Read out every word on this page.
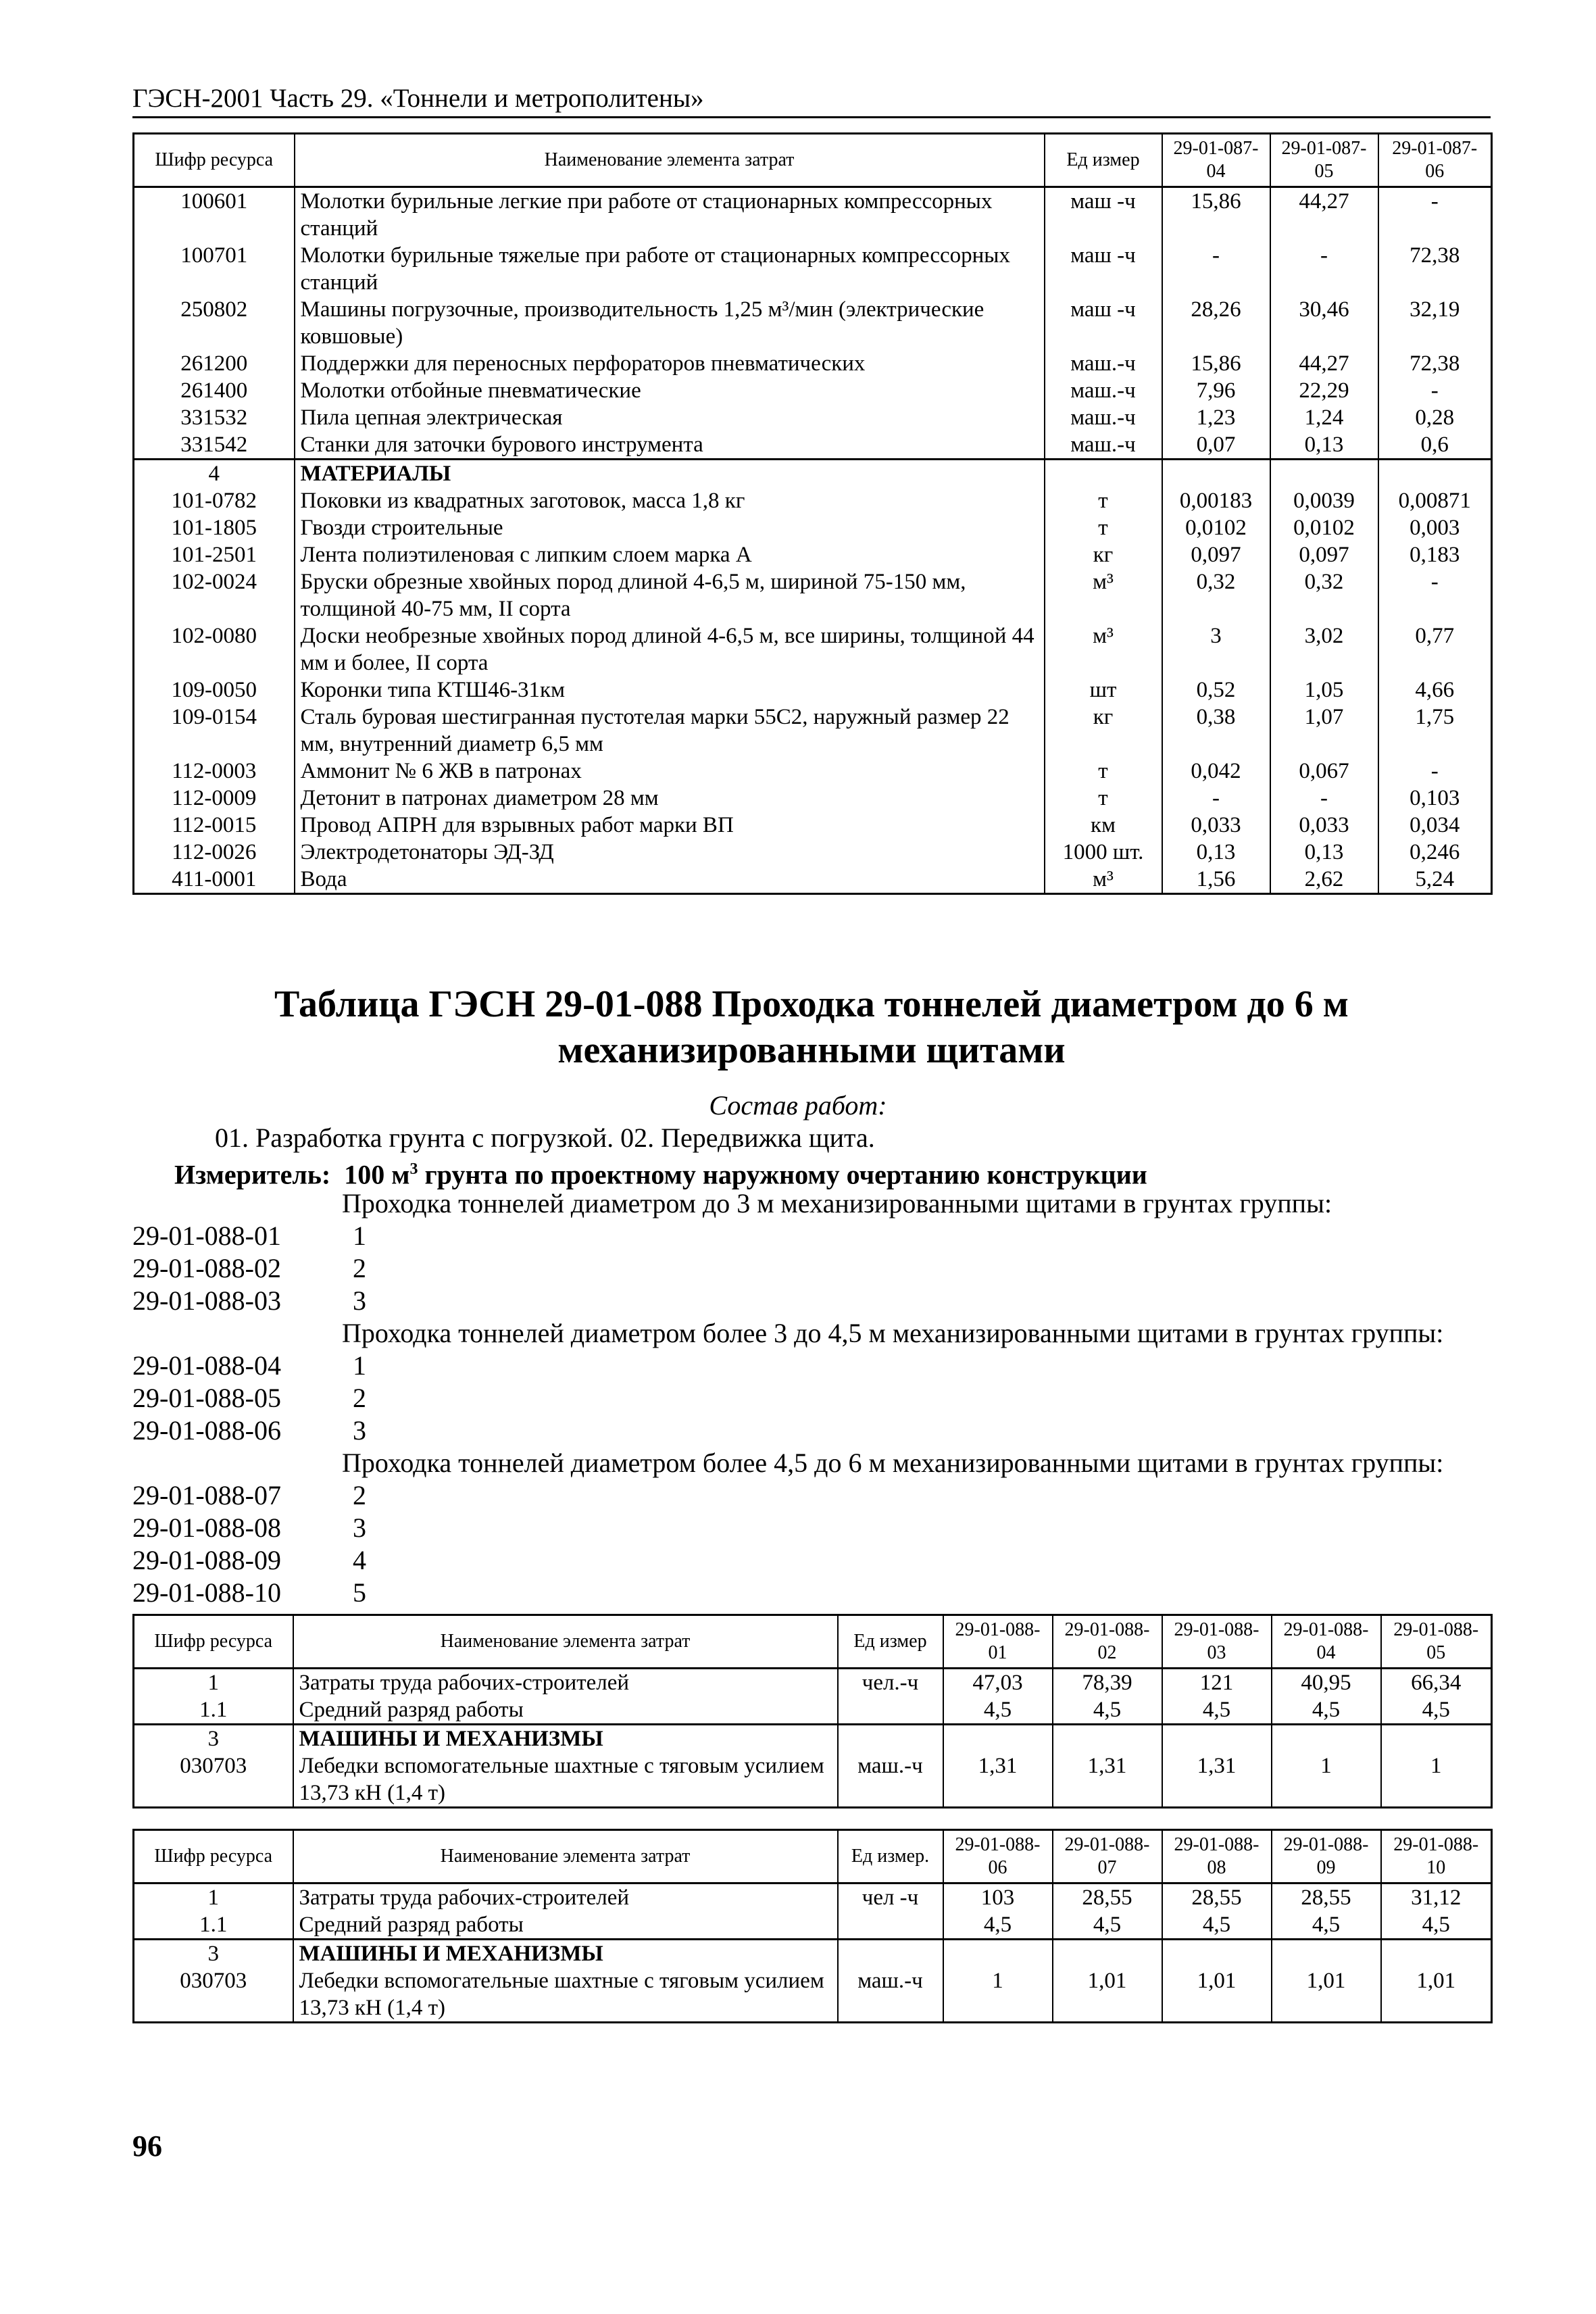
ГЭСН-2001 Часть 29. «Тоннели и метрополитены»
Шифр ресурса	Наименование элемента затрат	Ед измер	29-01-087-04	29-01-087-05	29-01-087-06
100601	Молотки бурильные легкие при работе от стационарных компрессорных станций	маш -ч	15,86	44,27	-
100701	Молотки бурильные тяжелые при работе от стационарных компрессорных станций	маш -ч	-	-	72,38
250802	Машины погрузочные, производительность 1,25 м³/мин (электрические ковшовые)	маш -ч	28,26	30,46	32,19
261200	Поддержки для переносных перфораторов пневматических	маш.-ч	15,86	44,27	72,38
261400	Молотки отбойные пневматические	маш.-ч	7,96	22,29	-
331532	Пила цепная электрическая	маш.-ч	1,23	1,24	0,28
331542	Станки для заточки бурового инструмента	маш.-ч	0,07	0,13	0,6
4	МАТЕРИАЛЫ				
101-0782	Поковки из квадратных заготовок, масса 1,8 кг	т	0,00183	0,0039	0,00871
101-1805	Гвозди строительные	т	0,0102	0,0102	0,003
101-2501	Лента полиэтиленовая с липким слоем марка А	кг	0,097	0,097	0,183
102-0024	Бруски обрезные хвойных пород длиной 4-6,5 м, шириной 75-150 мм, толщиной 40-75 мм, II сорта	м³	0,32	0,32	-
102-0080	Доски необрезные хвойных пород длиной 4-6,5 м, все ширины, толщиной 44 мм и более, II сорта	м³	3	3,02	0,77
109-0050	Коронки типа КТШ46-31км	шт	0,52	1,05	4,66
109-0154	Сталь буровая шестигранная пустотелая марки 55С2, наружный размер 22 мм, внутренний диаметр 6,5 мм	кг	0,38	1,07	1,75
112-0003	Аммонит № 6 ЖВ в патронах	т	0,042	0,067	-
112-0009	Детонит в патронах диаметром 28 мм	т	-	-	0,103
112-0015	Провод АПРН для взрывных работ марки ВП	км	0,033	0,033	0,034
112-0026	Электродетонаторы ЭД-ЗД	1000 шт.	0,13	0,13	0,246
411-0001	Вода	м³	1,56	2,62	5,24
Таблица ГЭСН 29-01-088 Проходка тоннелей диаметром до 6 м механизированными щитами
Состав работ:
01. Разработка грунта с погрузкой. 02. Передвижка щита.
Измеритель: 100 $м^3$ грунта по проектному наружному очертанию конструкции
Проходка тоннелей диаметром до 3 м механизированными щитами в грунтах группы:
29-01-088-01	1
29-01-088-02	2
29-01-088-03	3
Проходка тоннелей диаметром более 3 до 4,5 м механизированными щитами в грунтах группы:
29-01-088-04	1
29-01-088-05	2
29-01-088-06	3
Проходка тоннелей диаметром более 4,5 до 6 м механизированными щитами в грунтах группы:
29-01-088-07	2
29-01-088-08	3
29-01-088-09	4
29-01-088-10	5
Шифр ресурса	Наименование элемента затрат	Ед измер	29-01-088-01	29-01-088-02	29-01-088-03	29-01-088-04	29-01-088-05
1	Затраты труда рабочих-строителей	чел.-ч	47,03	78,39	121	40,95	66,34
1.1	Средний разряд работы		4,5	4,5	4,5	4,5	4,5
3	МАШИНЫ И МЕХАНИЗМЫ						
030703	Лебедки вспомогательные шахтные с тяговым усилием 13,73 кН (1,4 т)	маш.-ч	1,31	1,31	1,31	1	1
Шифр ресурса	Наименование элемента затрат	Ед измер.	29-01-088-06	29-01-088-07	29-01-088-08	29-01-088-09	29-01-088-10
1	Затраты труда рабочих-строителей	чел -ч	103	28,55	28,55	28,55	31,12
1.1	Средний разряд работы		4,5	4,5	4,5	4,5	4,5
3	МАШИНЫ И МЕХАНИЗМЫ						
030703	Лебедки вспомогательные шахтные с тяговым усилием 13,73 кН (1,4 т)	маш.-ч	1	1,01	1,01	1,01	1,01
96
